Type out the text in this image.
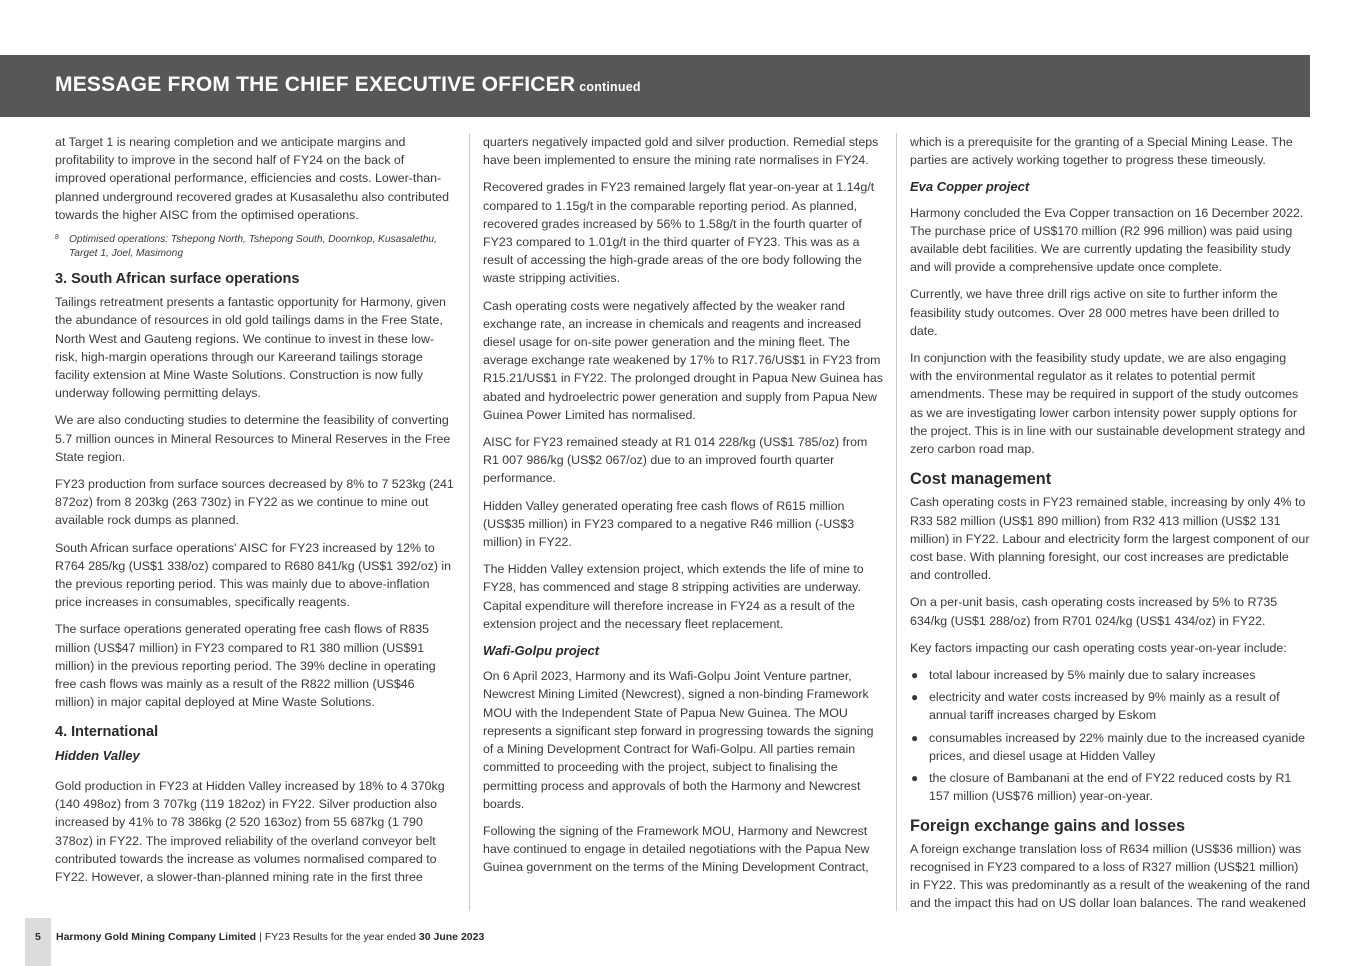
MESSAGE FROM THE CHIEF EXECUTIVE OFFICER continued

at Target 1 is nearing completion and we anticipate margins and profitability to improve in the second half of FY24 on the back of improved operational performance, efficiencies and costs. Lower-than-planned underground recovered grades at Kusasalethu also contributed towards the higher AISC from the optimised operations.

8 Optimised operations: Tshepong North, Tshepong South, Doornkop, Kusasalethu, Target 1, Joel, Masimong
3. South African surface operations

Tailings retreatment presents a fantastic opportunity for Harmony, given the abundance of resources in old gold tailings dams in the Free State, North West and Gauteng regions. We continue to invest in these low-risk, high-margin operations through our Kareerand tailings storage facility extension at Mine Waste Solutions. Construction is now fully underway following permitting delays.

We are also conducting studies to determine the feasibility of converting 5.7 million ounces in Mineral Resources to Mineral Reserves in the Free State region.

FY23 production from surface sources decreased by 8% to 7 523kg (241 872oz) from 8 203kg (263 730z) in FY22 as we continue to mine out available rock dumps as planned.

South African surface operations' AISC for FY23 increased by 12% to R764 285/kg (US$1 338/oz) compared to R680 841/kg (US$1 392/oz) in the previous reporting period. This was mainly due to above-inflation price increases in consumables, specifically reagents.

The surface operations generated operating free cash flows of R835 million (US$47 million) in FY23 compared to R1 380 million (US$91 million) in the previous reporting period. The 39% decline in operating free cash flows was mainly as a result of the R822 million (US$46 million) in major capital deployed at Mine Waste Solutions.

4. International
Hidden Valley

Gold production in FY23 at Hidden Valley increased by 18% to 4 370kg (140 498oz) from 3 707kg (119 182oz) in FY22. Silver production also increased by 41% to 78 386kg (2 520 163oz) from 55 687kg (1 790 378oz) in FY22. The improved reliability of the overland conveyor belt contributed towards the increase as volumes normalised compared to FY22. However, a slower-than-planned mining rate in the first three

quarters negatively impacted gold and silver production. Remedial steps have been implemented to ensure the mining rate normalises in FY24.

Recovered grades in FY23 remained largely flat year-on-year at 1.14g/t compared to 1.15g/t in the comparable reporting period. As planned, recovered grades increased by 56% to 1.58g/t in the fourth quarter of FY23 compared to 1.01g/t in the third quarter of FY23. This was as a result of accessing the high-grade areas of the ore body following the waste stripping activities.

Cash operating costs were negatively affected by the weaker rand exchange rate, an increase in chemicals and reagents and increased diesel usage for on-site power generation and the mining fleet. The average exchange rate weakened by 17% to R17.76/US$1 in FY23 from R15.21/US$1 in FY22. The prolonged drought in Papua New Guinea has abated and hydroelectric power generation and supply from Papua New Guinea Power Limited has normalised.

AISC for FY23 remained steady at R1 014 228/kg (US$1 785/oz) from R1 007 986/kg (US$2 067/oz) due to an improved fourth quarter performance.

Hidden Valley generated operating free cash flows of R615 million (US$35 million) in FY23 compared to a negative R46 million (-US$3 million) in FY22.

The Hidden Valley extension project, which extends the life of mine to FY28, has commenced and stage 8 stripping activities are underway. Capital expenditure will therefore increase in FY24 as a result of the extension project and the necessary fleet replacement.

Wafi-Golpu project

On 6 April 2023, Harmony and its Wafi-Golpu Joint Venture partner, Newcrest Mining Limited (Newcrest), signed a non-binding Framework MOU with the Independent State of Papua New Guinea. The MOU represents a significant step forward in progressing towards the signing of a Mining Development Contract for Wafi-Golpu. All parties remain committed to proceeding with the project, subject to finalising the permitting process and approvals of both the Harmony and Newcrest boards.

Following the signing of the Framework MOU, Harmony and Newcrest have continued to engage in detailed negotiations with the Papua New Guinea government on the terms of the Mining Development Contract,

which is a prerequisite for the granting of a Special Mining Lease. The parties are actively working together to progress these timeously.

Eva Copper project

Harmony concluded the Eva Copper transaction on 16 December 2022. The purchase price of US$170 million (R2 996 million) was paid using available debt facilities. We are currently updating the feasibility study and will provide a comprehensive update once complete.

Currently, we have three drill rigs active on site to further inform the feasibility study outcomes. Over 28 000 metres have been drilled to date.

In conjunction with the feasibility study update, we are also engaging with the environmental regulator as it relates to potential permit amendments. These may be required in support of the study outcomes as we are investigating lower carbon intensity power supply options for the project. This is in line with our sustainable development strategy and zero carbon road map.

Cost management

Cash operating costs in FY23 remained stable, increasing by only 4% to R33 582 million (US$1 890 million) from R32 413 million (US$2 131 million) in FY22. Labour and electricity form the largest component of our cost base. With planning foresight, our cost increases are predictable and controlled.

On a per-unit basis, cash operating costs increased by 5% to R735 634/kg (US$1 288/oz) from R701 024/kg (US$1 434/oz) in FY22.

Key factors impacting our cash operating costs year-on-year include:

● total labour increased by 5% mainly due to salary increases
● electricity and water costs increased by 9% mainly as a result of annual tariff increases charged by Eskom
● consumables increased by 22% mainly due to the increased cyanide prices, and diesel usage at Hidden Valley
● the closure of Bambanani at the end of FY22 reduced costs by R1 157 million (US$76 million) year-on-year.
Foreign exchange gains and losses

A foreign exchange translation loss of R634 million (US$36 million) was recognised in FY23 compared to a loss of R327 million (US$21 million) in FY22. This was predominantly as a result of the weakening of the rand and the impact this had on US dollar loan balances. The rand weakened

5 Harmony Gold Mining Company Limited | FY23 Results for the year ended 30 June 2023
